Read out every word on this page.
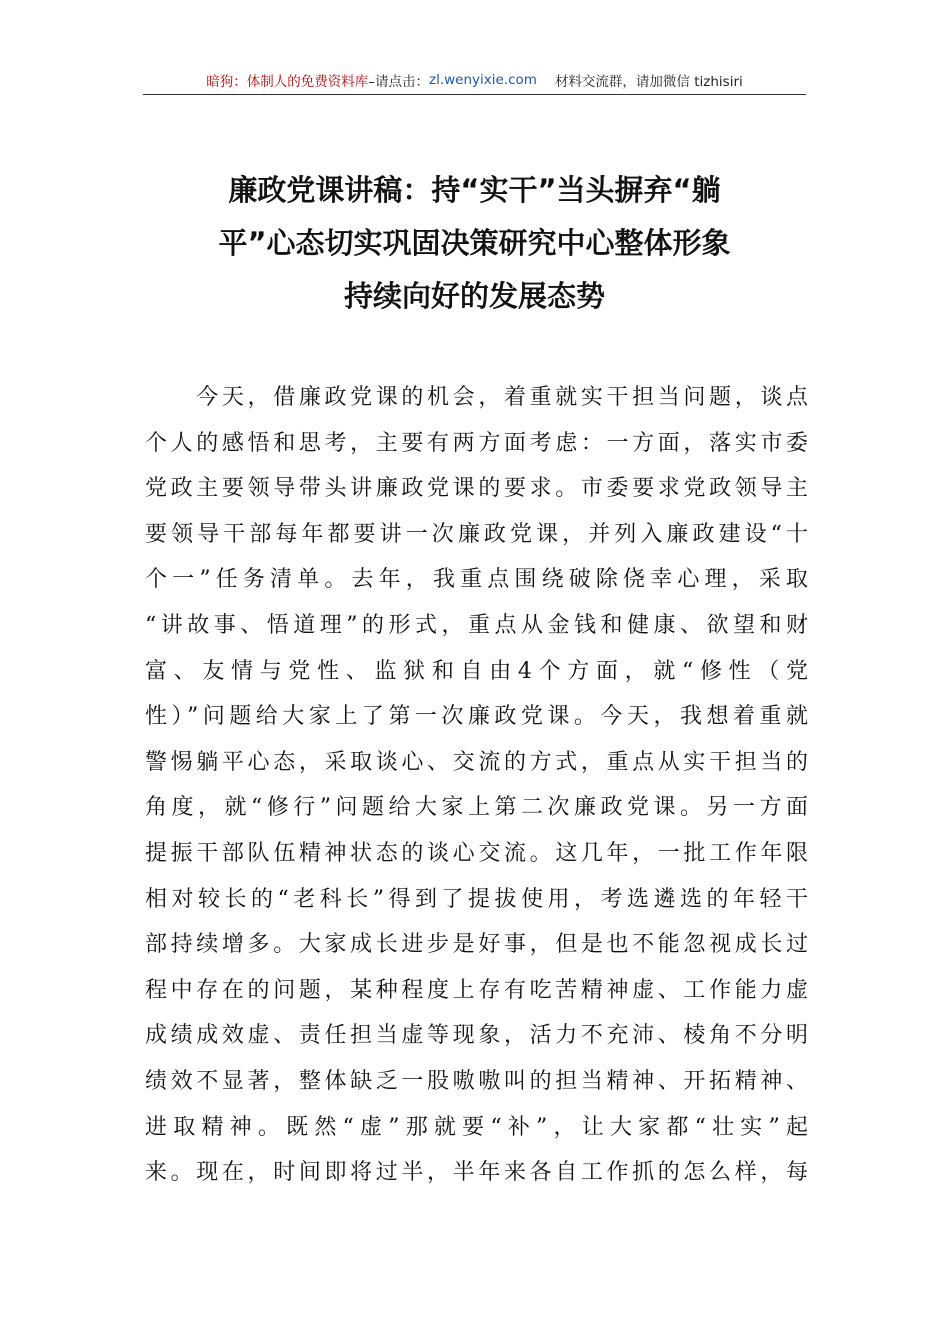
暗狗：体制人的免费资料库 –请点击： zl.wenyixie.com 材料交流群，请加微信 tizhisiri
廉政党课讲稿：持“实干”当头摒弃“躺
平”心态切实巩固决策研究中心整体形象
持续向好的发展态势
　　今天，借廉政党课的机会，着重就实干担当问题，谈点
个人的感悟和思考，主要有两方面考虑：一方面，落实市委
党政主要领导带头讲廉政党课的要求。市委要求党政领导主
要领导干部每年都要讲一次廉政党课，并列入廉政建设“十
个一”任务清单。去年，我重点围绕破除侥幸心理，采取
“讲故事、悟道理”的形式，重点从金钱和健康、欲望和财
富、友情与党性、监狱和自由4个方面，就“修性（党
性）”问题给大家上了第一次廉政党课。今天，我想着重就
警惕躺平心态，采取谈心、交流的方式，重点从实干担当的
角度，就“修行”问题给大家上第二次廉政党课。另一方面
提振干部队伍精神状态的谈心交流。这几年，一批工作年限
相对较长的“老科长”得到了提拔使用，考选遴选的年轻干
部持续增多。大家成长进步是好事，但是也不能忽视成长过
程中存在的问题，某种程度上存有吃苦精神虚、工作能力虚
成绩成效虚、责任担当虚等现象，活力不充沛、棱角不分明
绩效不显著，整体缺乏一股嗷嗷叫的担当精神、开拓精神、
进取精神。既然“虚”那就要“补”，让大家都“壮实”起
来。现在，时间即将过半，半年来各自工作抓的怎么样，每
